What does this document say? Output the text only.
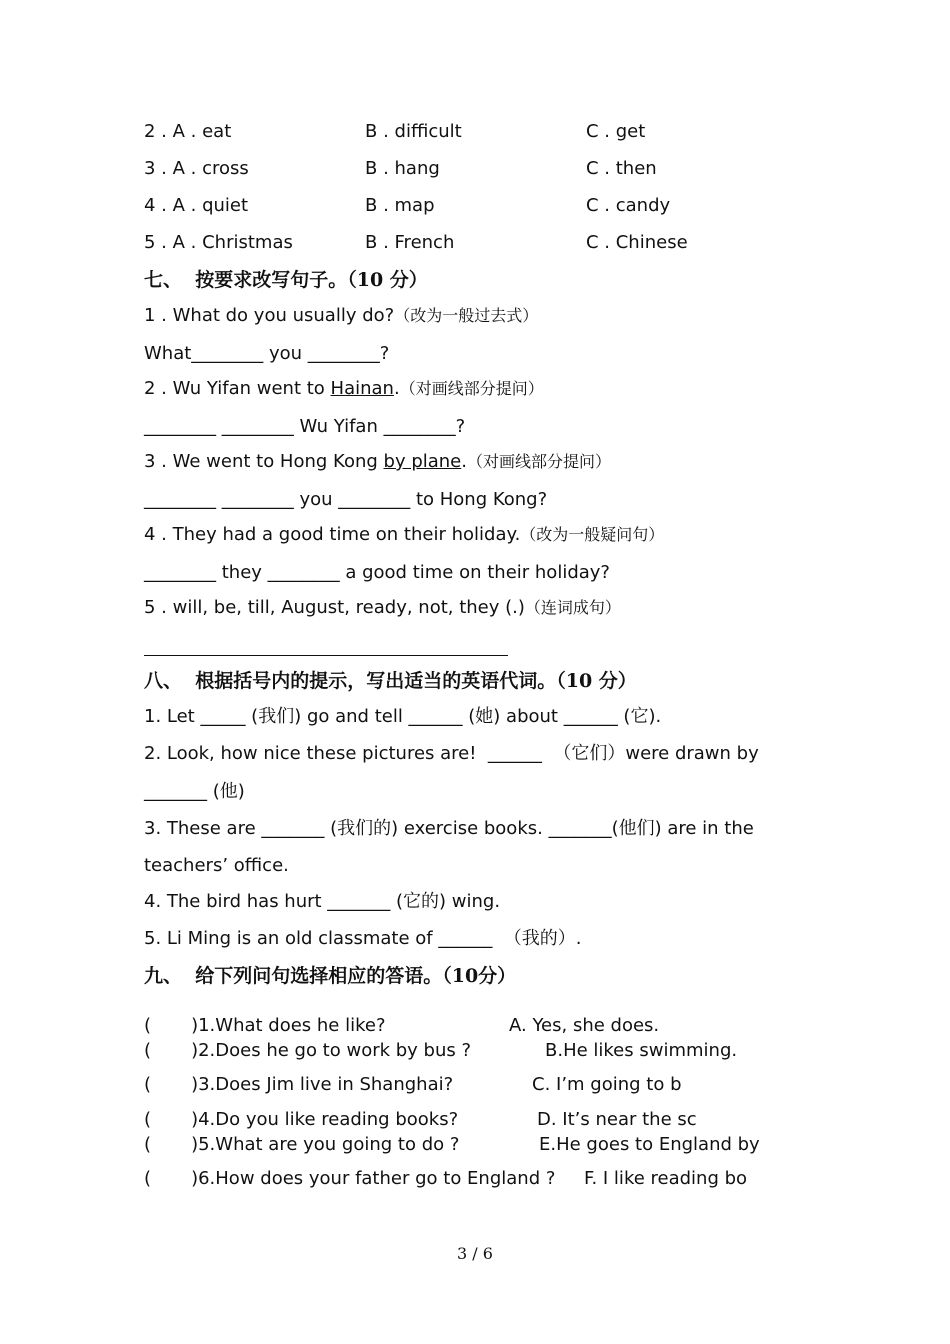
2 . A . eat	B . difficult	C . get
3 . A . cross	B . hang	C . then
4 . A . quiet	B . map	C . candy
5 . A . Christmas	B . French	C . Chinese
七、  按要求改写句子。（10 分）
1 . What do you usually do?（改为一般过去式）
What________ you ________?
2 . Wu Yifan went to Hainan.（对画线部分提问）
________ ________ Wu Yifan ________?
3 . We went to Hong Kong by plane.（对画线部分提问）
________ ________ you ________ to Hong Kong?
4 . They had a good time on their holiday.（改为一般疑问句）
________ they ________ a good time on their holiday?
5 . will, be, till, August, ready, not, they (.)（连词成句）
八、  根据括号内的提示，写出适当的英语代词。（10 分）
1. Let _____ (我们) go and tell ______ (她) about ______ (它).
2. Look, how nice these pictures are!  ______  （它们）were drawn by
_______ (他)
3. These are _______ (我们的) exercise books. _______(他们) are in the
teachers’ office.
4. The bird has hurt _______ (它的) wing.
5. Li Ming is an old classmate of ______  （我的）.
九、  给下列问句选择相应的答语。（10分）
(       )1.What does he like?	A. Yes, she does.
(       )2.Does he go to work by bus ?	B.He likes swimming.
(       )3.Does Jim live in Shanghai?	C. I’m going to b
(       )4.Do you like reading books?	D. It’s near the sc
(       )5.What are you going to do ?	E.He goes to England by
(       )6.How does your father go to England ? F. I like reading bo
3 / 6
